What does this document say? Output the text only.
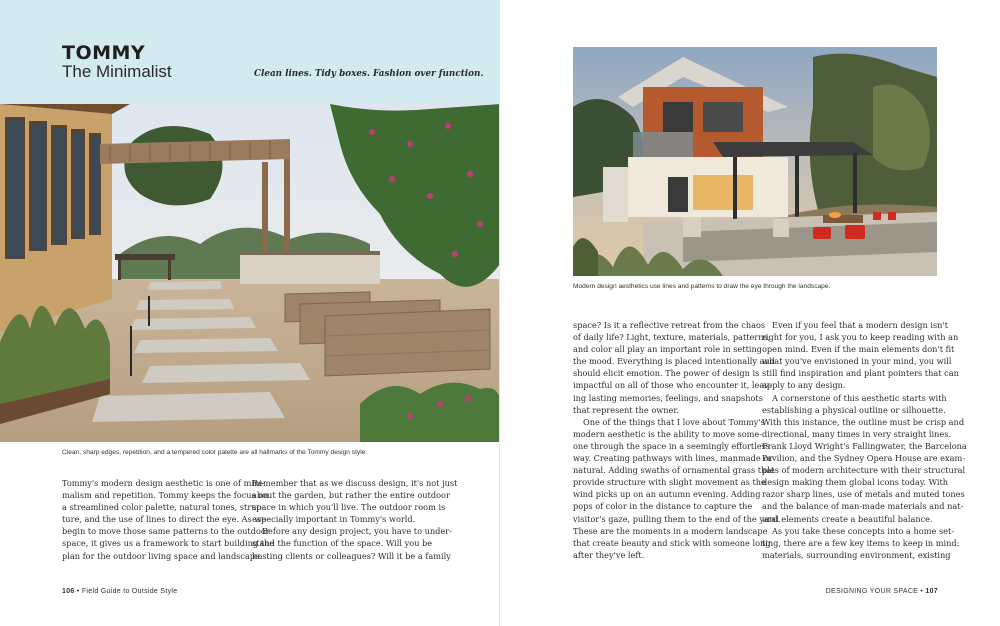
TOMMY
The Minimalist	Clean lines. Tidy boxes. Fashion over function.
Clean, sharp edges, repetition, and a tempered color palette are all hallmarks of the Tommy design style.

Tommy's modern design aesthetic is one of mini-

malism and repetition. Tommy keeps the focus on

a streamlined color palette, natural tones, struc-

ture, and the use of lines to direct the eye. As we

begin to move those same patterns to the outdoor

space, it gives us a framework to start building the

plan for the outdoor living space and landscape.

Remember that as we discuss design, it's not just

about the garden, but rather the entire outdoor

space in which you'll live. The outdoor room is

especially important in Tommy's world.

Before any design project, you have to under-

stand the function of the space. Will you be

hosting clients or colleagues? Will it be a family

106 • Field Guide to Outside Style
Modern design aesthetics use lines and patterns to draw the eye through the landscape.

space? Is it a reflective retreat from the chaos

of daily life? Light, texture, materials, patterns,

and color all play an important role in setting

the mood. Everything is placed intentionally and

should elicit emotion. The power of design is

impactful on all of those who encounter it, leav-

ing lasting memories, feelings, and snapshots

that represent the owner.

One of the things that I love about Tommy's

modern aesthetic is the ability to move some-

one through the space in a seemingly effortless

way. Creating pathways with lines, manmade or

natural. Adding swaths of ornamental grass that

provide structure with slight movement as the

wind picks up on an autumn evening. Adding

pops of color in the distance to capture the

visitor's gaze, pulling them to the end of the yard.

These are the moments in a modern landscape

that create beauty and stick with someone long

after they've left.

Even if you feel that a modern design isn't

right for you, I ask you to keep reading with an

open mind. Even if the main elements don't fit

what you've envisioned in your mind, you will

still find inspiration and plant pointers that can

apply to any design.

A cornerstone of this aesthetic starts with

establishing a physical outline or silhouette.

With this instance, the outline must be crisp and

directional, many times in very straight lines.

Frank Lloyd Wright's Fallingwater, the Barcelona

Pavilion, and the Sydney Opera House are exam-

ples of modern architecture with their structural

design making them global icons today. With

razor sharp lines, use of metals and muted tones

and the balance of man-made materials and nat-

ural elements create a beautiful balance.

As you take these concepts into a home set-

ting, there are a few key items to keep in mind:

materials, surrounding environment, existing

DESIGNING YOUR SPACE • 107
